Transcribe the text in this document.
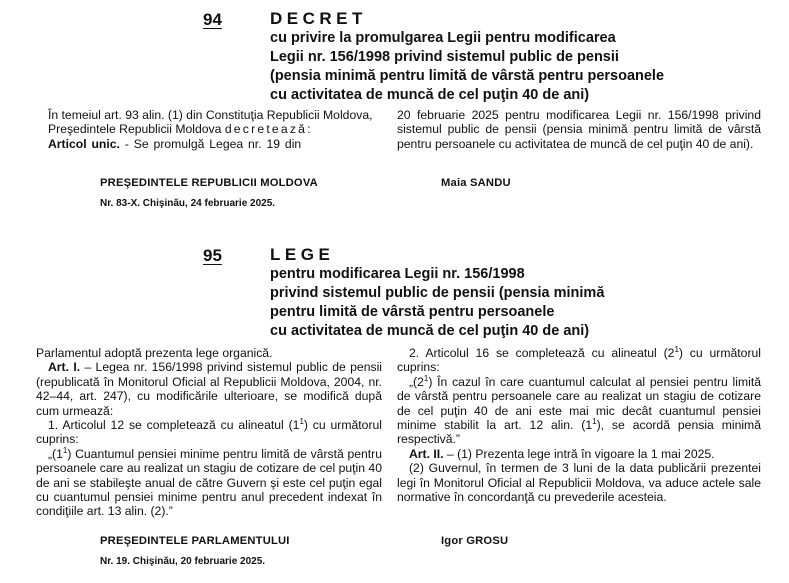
94	DECRET
cu privire la promulgarea Legii pentru modificarea
Legii nr. 156/1998 privind sistemul public de pensii
(pensia minimă pentru limită de vârstă pentru persoanele
cu activitatea de muncă de cel puţin 40 de ani)
În temeiul art. 93 alin. (1) din Constituţia Republicii Moldova,
Preşedintele Republicii Moldova decretează:
Articol unic. - Se promulgă Legea nr. 19 din
20 februarie 2025 pentru modificarea Legii nr. 156/1998 privind sistemul public de pensii (pensia minimă pentru limită de vârstă pentru persoanele cu activitatea de muncă de cel puţin 40 de ani).
PREŞEDINTELE REPUBLICII MOLDOVA	Maia SANDU
Nr. 83-X. Chişinău, 24 februarie 2025.
95	LEGE
pentru modificarea Legii nr. 156/1998
privind sistemul public de pensii (pensia minimă
pentru limită de vârstă pentru persoanele
cu activitatea de muncă de cel puţin 40 de ani)
Parlamentul adoptă prezenta lege organică.
Art. I. – Legea nr. 156/1998 privind sistemul public de pensii (republicată în Monitorul Oficial al Republicii Moldova, 2004, nr. 42–44, art. 247), cu modificările ulterioare, se modifică după cum urmează:
1. Articolul 12 se completează cu alineatul $(1^1)$ cu următorul cuprins:
$„(1^1)$ Cuantumul pensiei minime pentru limită de vârstă pentru persoanele care au realizat un stagiu de cotizare de cel puţin 40 de ani se stabileşte anual de către Guvern şi este cel puţin egal cu cuantumul pensiei minime pentru anul precedent indexat în condiţiile art. 13 alin. (2).”
2. Articolul 16 se completează cu alineatul $(2^1)$ cu următorul cuprins:
$„(2^1)$ În cazul în care cuantumul calculat al pensiei pentru limită de vârstă pentru persoanele care au realizat un stagiu de cotizare de cel puţin 40 de ani este mai mic decât cuantumul pensiei minime stabilit la art. 12 alin. $(1^1)$, se acordă pensia minimă respectivă.”
Art. II. – (1) Prezenta lege intră în vigoare la 1 mai 2025.
(2) Guvernul, în termen de 3 luni de la data publicării prezentei legi în Monitorul Oficial al Republicii Moldova, va aduce actele sale normative în concordanţă cu prevederile acesteia.
PREŞEDINTELE PARLAMENTULUI	Igor GROSU
Nr. 19. Chişinău, 20 februarie 2025.
